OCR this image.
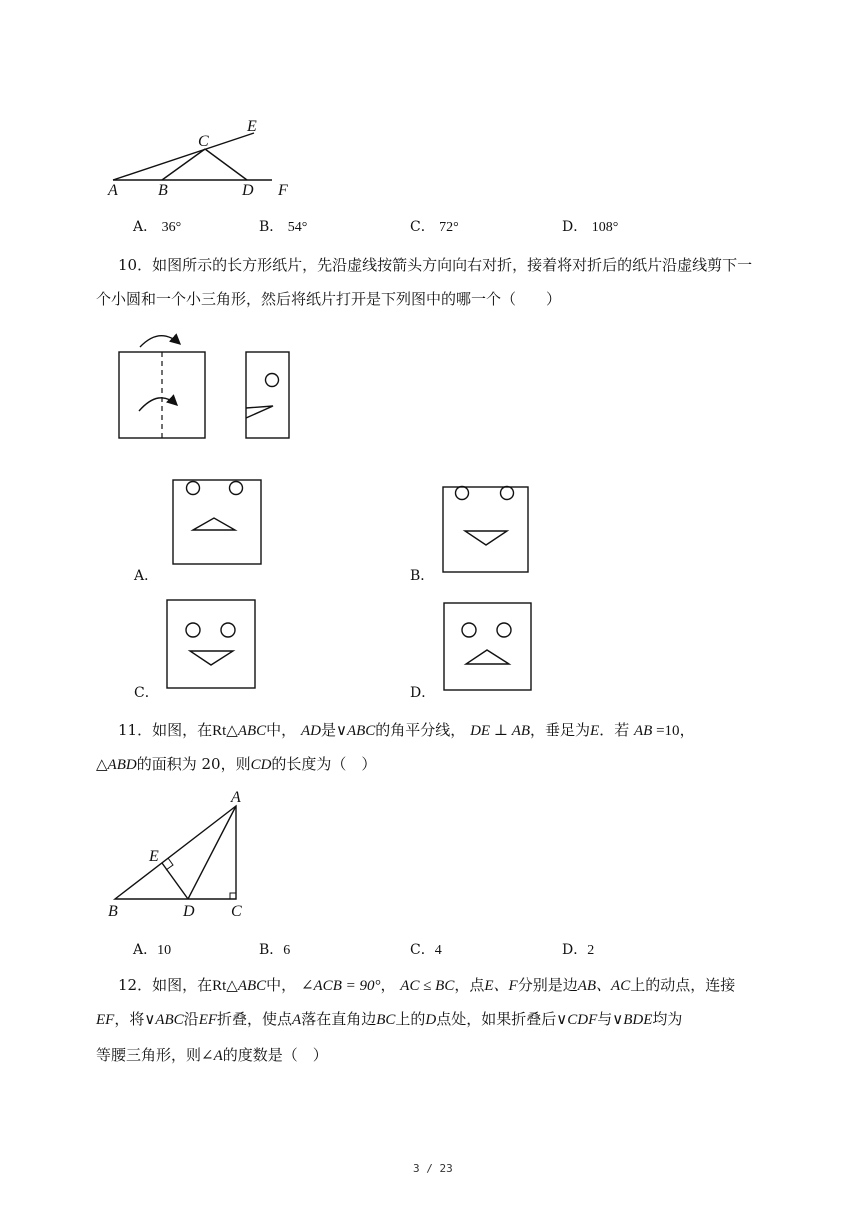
A	B
C
D
E
F
A． 36°	B． 54°	C． 72°	D． 108°
10．如图所示的长方形纸片，先沿虚线按箭头方向向右对折，接着将对折后的纸片沿虚线剪下一
个小圆和一个小三角形，然后将纸片打开是下列图中的哪一个（　　）
A．	B．
C．	D．
11．如图，在Rt△ABC中， AD是∨ABC的角平分线， DE ⊥ AB，垂足为E．若 AB =10，
△ABD的面积为 20，则CD的长度为（　）
A
E
B	D C
A．10	B．6	C．4	D．2
12．如图，在Rt△ABC中， ∠ACB = 90°， AC ≤ BC，点E、F分别是边AB、AC上的动点，连接
EF，将∨ABC沿EF折叠，使点A落在直角边BC上的D点处，如果折叠后∨CDF与∨BDE均为
等腰三角形，则∠A的度数是（　）
3 / 23
